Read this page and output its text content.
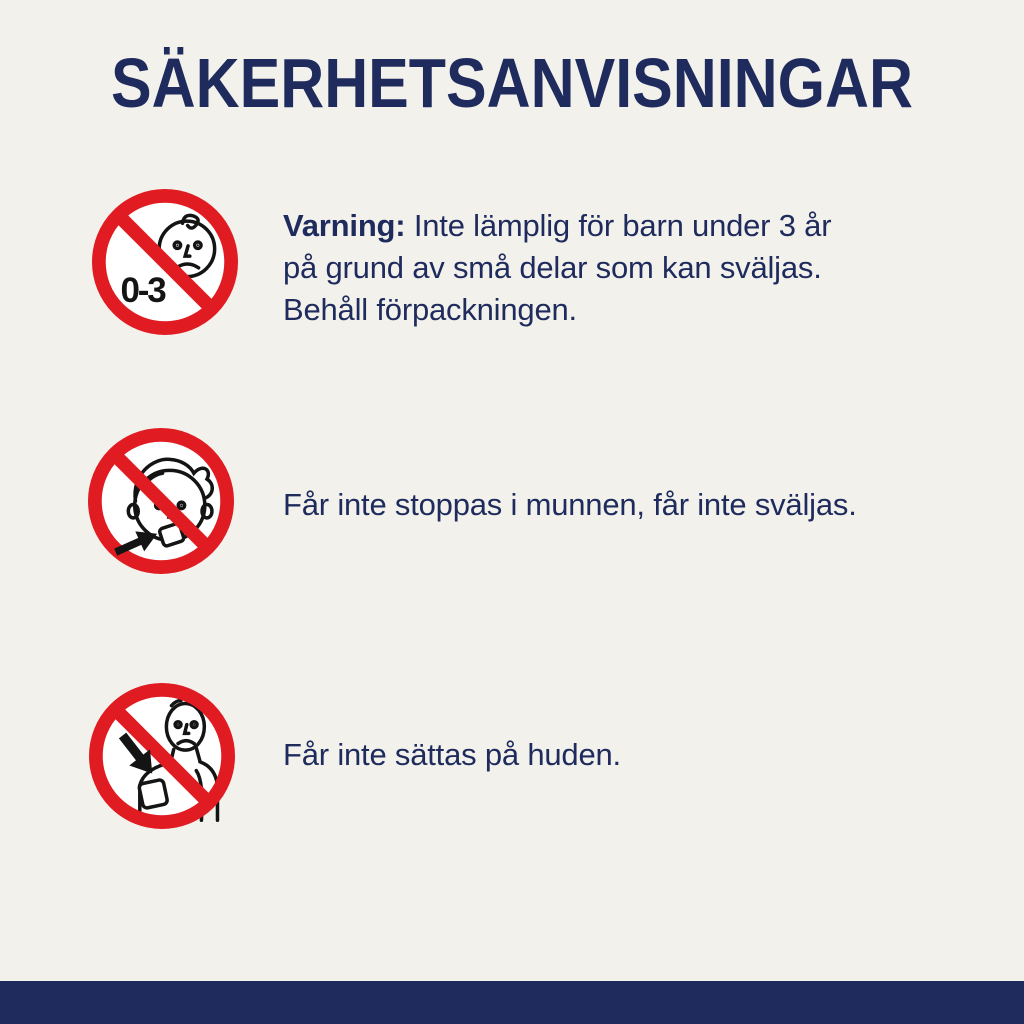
SÄKERHETSANVISNINGAR
0-3

Varning: Inte lämplig för barn under 3 år
på grund av små delar som kan sväljas.
Behåll förpackningen.

Får inte stoppas i munnen, får inte sväljas.

Får inte sättas på huden.
